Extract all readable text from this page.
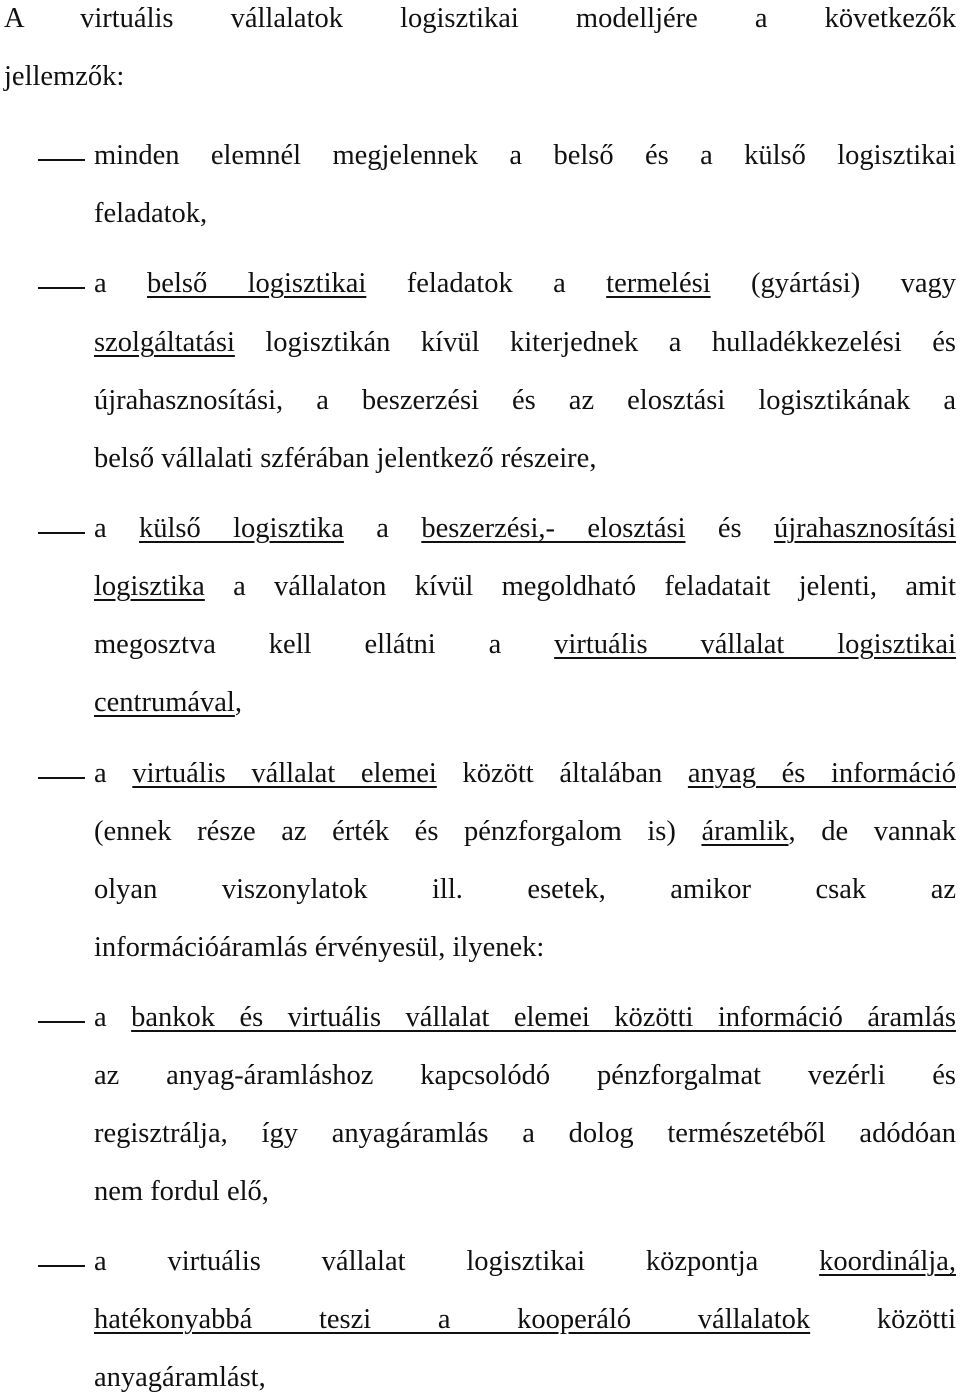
A virtuális vállalatok logisztikai modelljére a következők
jellemzők:
minden elemnél megjelennek a belső és a külső logisztikai
feladatok,
a belső logisztikai feladatok a termelési (gyártási) vagy
szolgáltatási logisztikán kívül kiterjednek a hulladékkezelési és
újrahasznosítási, a beszerzési és az elosztási logisztikának a
belső vállalati szférában jelentkező részeire,
a külső logisztika a beszerzési,- elosztási és újrahasznosítási
logisztika a vállalaton kívül megoldható feladatait jelenti, amit
megosztva kell ellátni a virtuális vállalat logisztikai
centrumával,
a virtuális vállalat elemei között általában anyag és információ
(ennek része az érték és pénzforgalom is) áramlik, de vannak
olyan viszonylatok ill. esetek, amikor csak az
információáramlás érvényesül, ilyenek:
a bankok és virtuális vállalat elemei közötti információ áramlás
az anyag-áramláshoz kapcsolódó pénzforgalmat vezérli és
regisztrálja, így anyagáramlás a dolog természetéből adódóan
nem fordul elő,
a virtuális vállalat logisztikai központja koordinálja,
hatékonyabbá teszi a kooperáló vállalatok közötti
anyagáramlást,
